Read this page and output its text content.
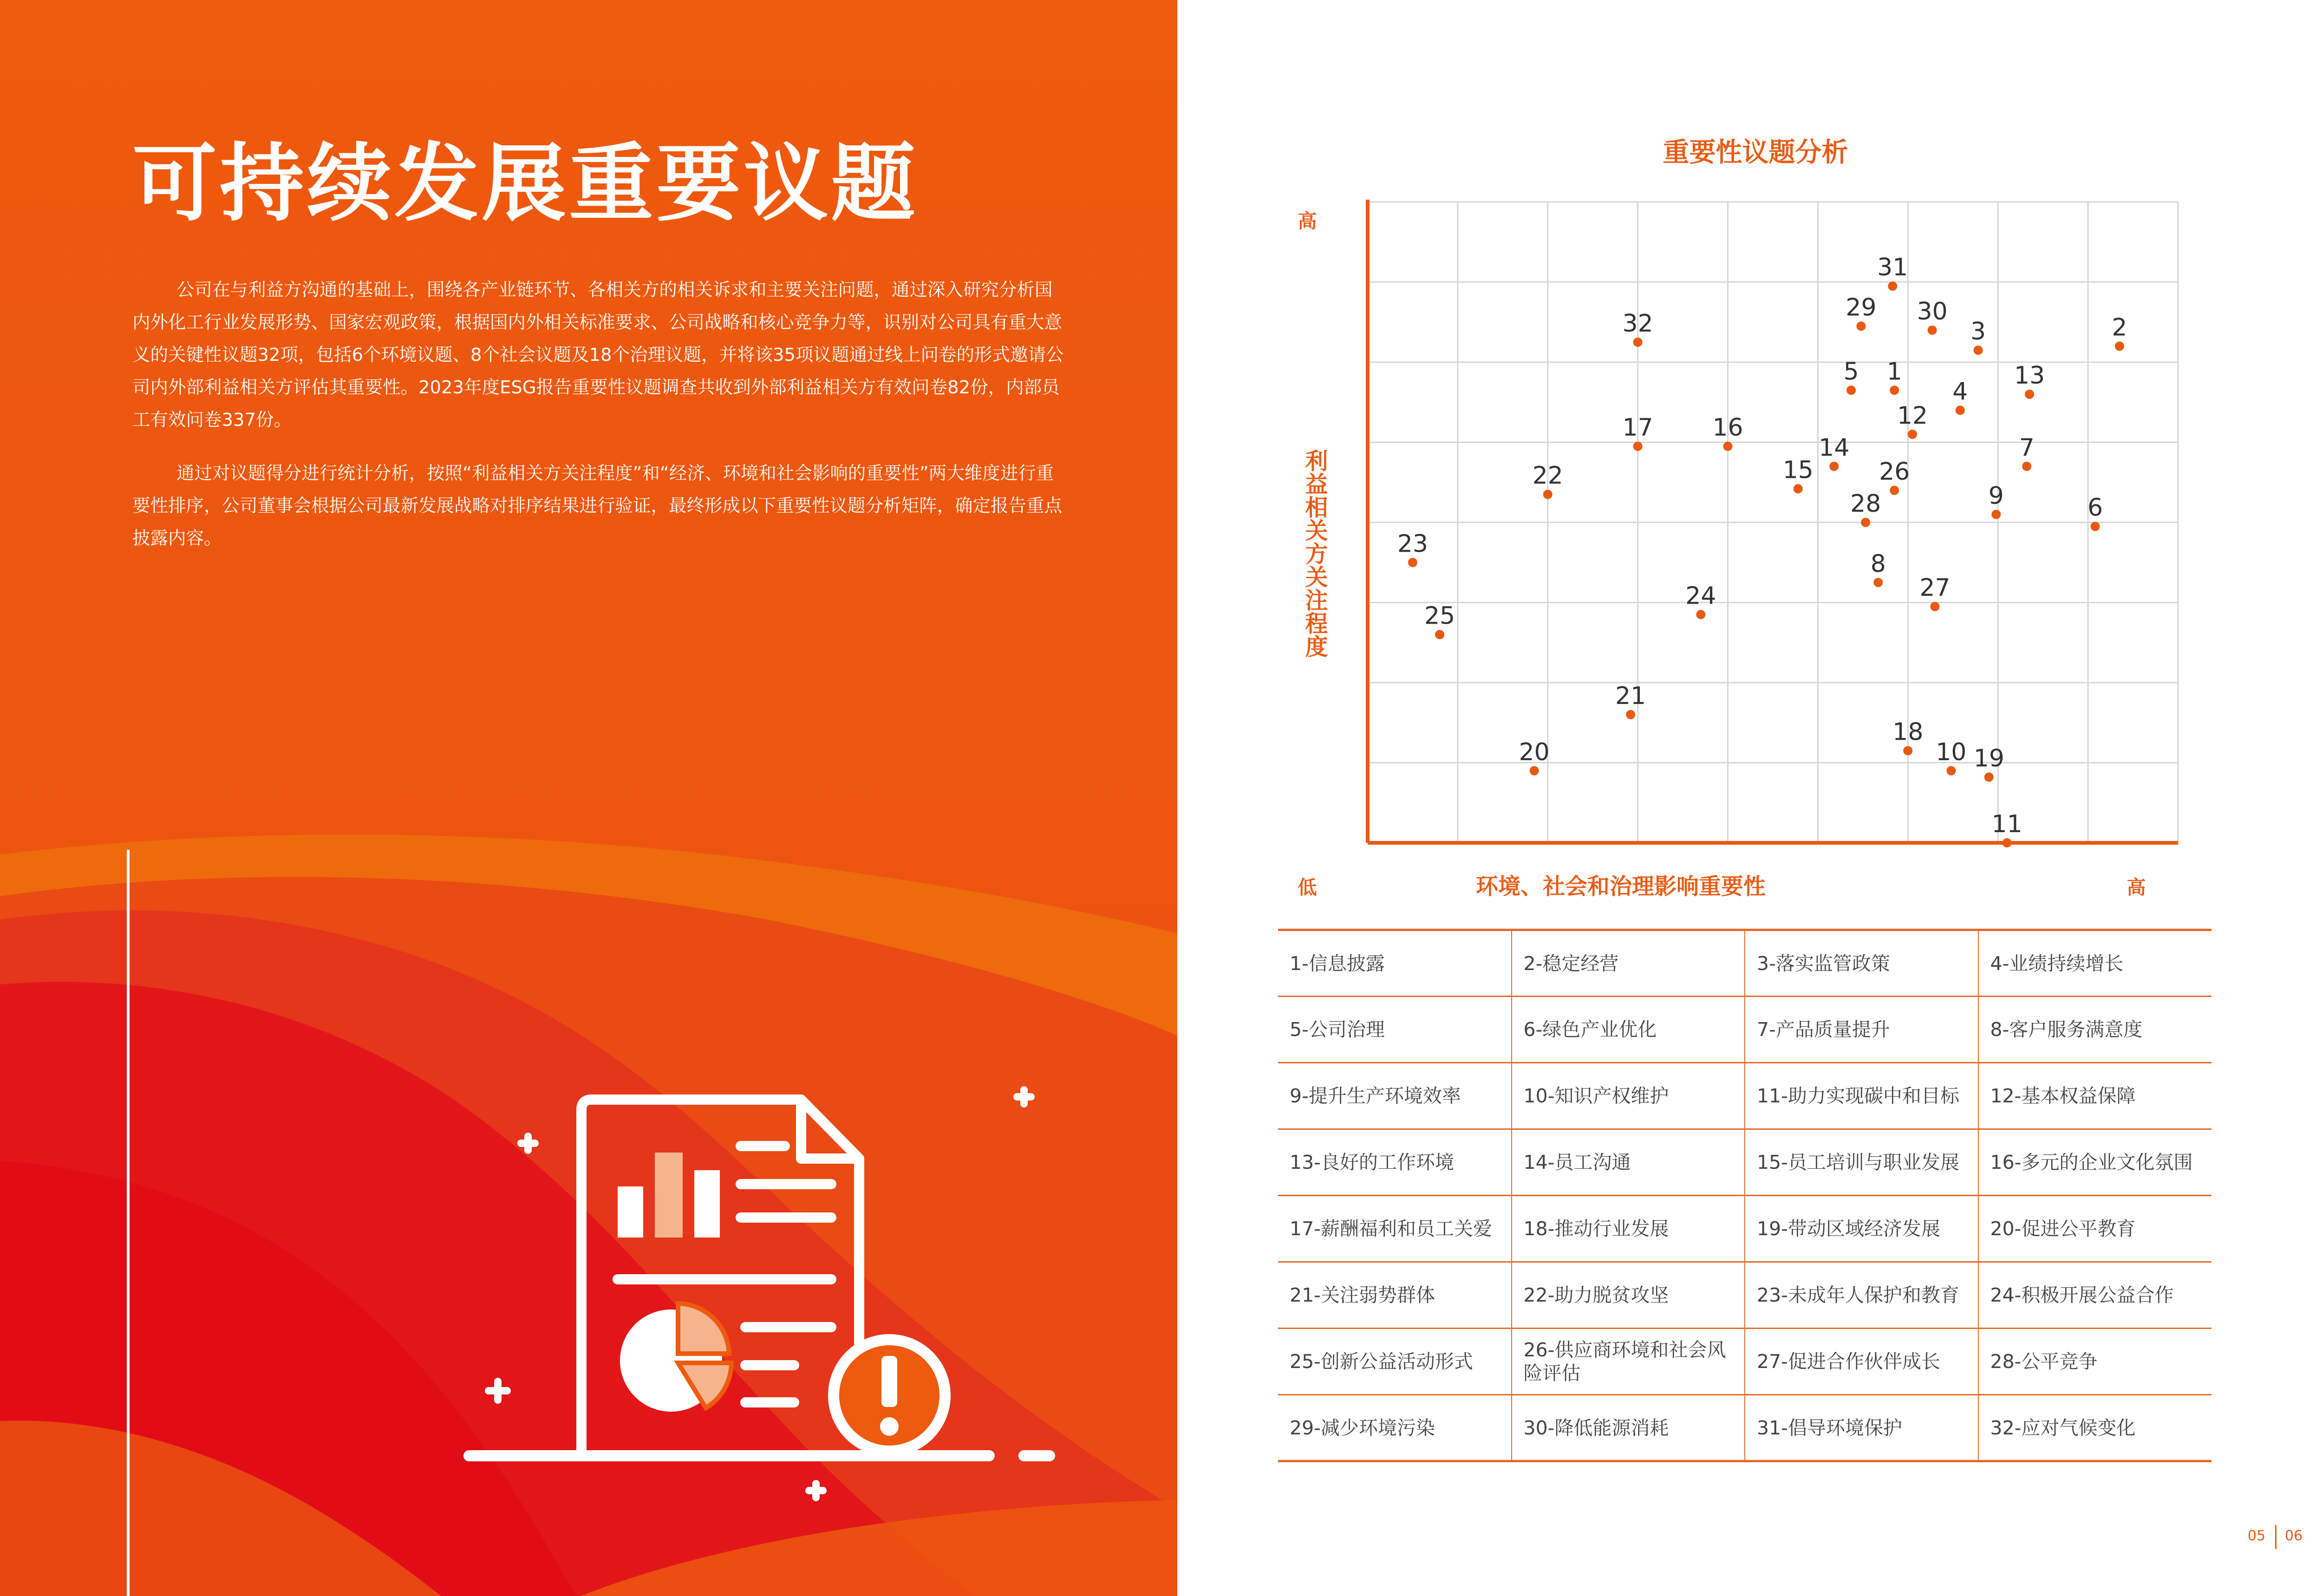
可持续发展重要议题

公司在与利益方沟通的基础上，围绕各产业链环节、各相关方的相关诉求和主要关注问题，通过深入研究分析国内外化工行业发展形势、国家宏观政策，根据国内外相关标准要求、公司战略和核心竞争力等，识别对公司具有重大意义的关键性议题32项，包括6个环境议题、8个社会议题及18个治理议题，并将该35项议题通过线上问卷的形式邀请公司内外部利益相关方评估其重要性。2023年度ESG报告重要性议题调查共收到外部利益相关方有效问卷82份，内部员工有效问卷337份。

通过对议题得分进行统计分析，按照“利益相关方关注程度”和“经济、环境和社会影响的重要性”两大维度进行重要性排序，公司董事会根据公司最新发展战略对排序结果进行验证，最终形成以下重要性议题分析矩阵，确定报告重点披露内容。

重要性议题分析
高
低	高
环境、社会和治理影响重要性
利益相关方关注程度
1
2
3
4
5
6
7
8
9
10
11
12
13
14
15
16
17
18
19
20
21
22
23
24
25
26
27
28
29 30
31
32
1-信息披露	2-稳定经营	3-落实监管政策	4-业绩持续增长

5-公司治理	6-绿色产业优化	7-产品质量提升	8-客户服务满意度

9-提升生产环境效率	10-知识产权维护	11-助力实现碳中和目标	12-基本权益保障

13-良好的工作环境	14-员工沟通	15-员工培训与职业发展	16-多元的企业文化氛围

17-薪酬福利和员工关爱	18-推动行业发展	19-带动区域经济发展	20-促进公平教育

21-关注弱势群体	22-助力脱贫攻坚	23-未成年人保护和教育	24-积极开展公益合作

25-创新公益活动形式	26-供应商环境和社会风险评估	27-促进合作伙伴成长	28-公平竞争

29-减少环境污染	30-降低能源消耗	31-倡导环境保护	32-应对气候变化
05 06
